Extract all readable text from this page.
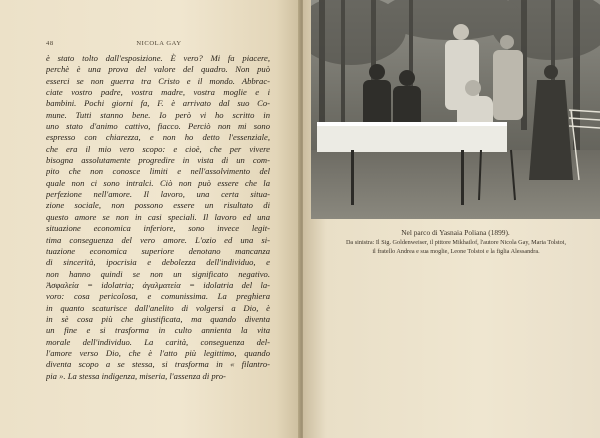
48	NICOLA GAY
è stato tolto dall'esposizione. È vero? Mi fa piacere,
perchè è una prova del valore del quadro. Non può
esserci se non guerra tra Cristo e il mondo. Abbrac-
ciate vostro padre, vostra madre, vostra moglie e i
bambini. Pochi giorni fa, F. è arrivato dal suo Co-
mune. Tutti stanno bene. Io però vi ho scritto in
uno stato d'animo cattivo, fiacco. Perciò non mi sono
espresso con chiarezza, e non ho detto l'essenziale,
che era il mio vero scopo: e cioè, che per vivere
bisogna assolutamente progredire in vista di un com-
pito che non conosce limiti e nell'assolvimento del
quale non ci sono intralci. Ciò non può essere che la
perfezione nell'amore. Il lavoro, una certa situa-
zione sociale, non possono essere un risultato di
questo amore se non in casi speciali. Il lavoro ed una
situazione economica inferiore, sono invece legit-
tima conseguenza del vero amore. L'ozio ed una si-
tuazione economica superiore denotano mancanza
di sincerità, ipocrisia e debolezza dell'individuo, e
non hanno quindi se non un significato negativo.
Ἀσφαλεία = idolatria; ἀγαλματεία = idolatria del la-
voro: cosa pericolosa, e comunissima. La preghiera
in quanto scaturisce dall'anelito di volgersi a Dio, è
in sè cosa più che giustificata, ma quando diventa
un fine e si trasforma in culto annienta la vita
morale dell'individuo. La carità, conseguenza del-
l'amore verso Dio, che è l'atto più legittimo, quando
diventa scopo a se stessa, si trasforma in « filantro-
pia ». La stessa indigenza, miseria, l'assenza di pro-
Nel parco di Yasnaia Poliana (1899).
Da sinistra: Il Sig. Goldenweiser, il pittore Mikhailof, l'autore Nicola Gay, Maria Tolstoi,
il fratello Andrea e sua moglie, Leone Tolstoi e la figlia Alessandra.
